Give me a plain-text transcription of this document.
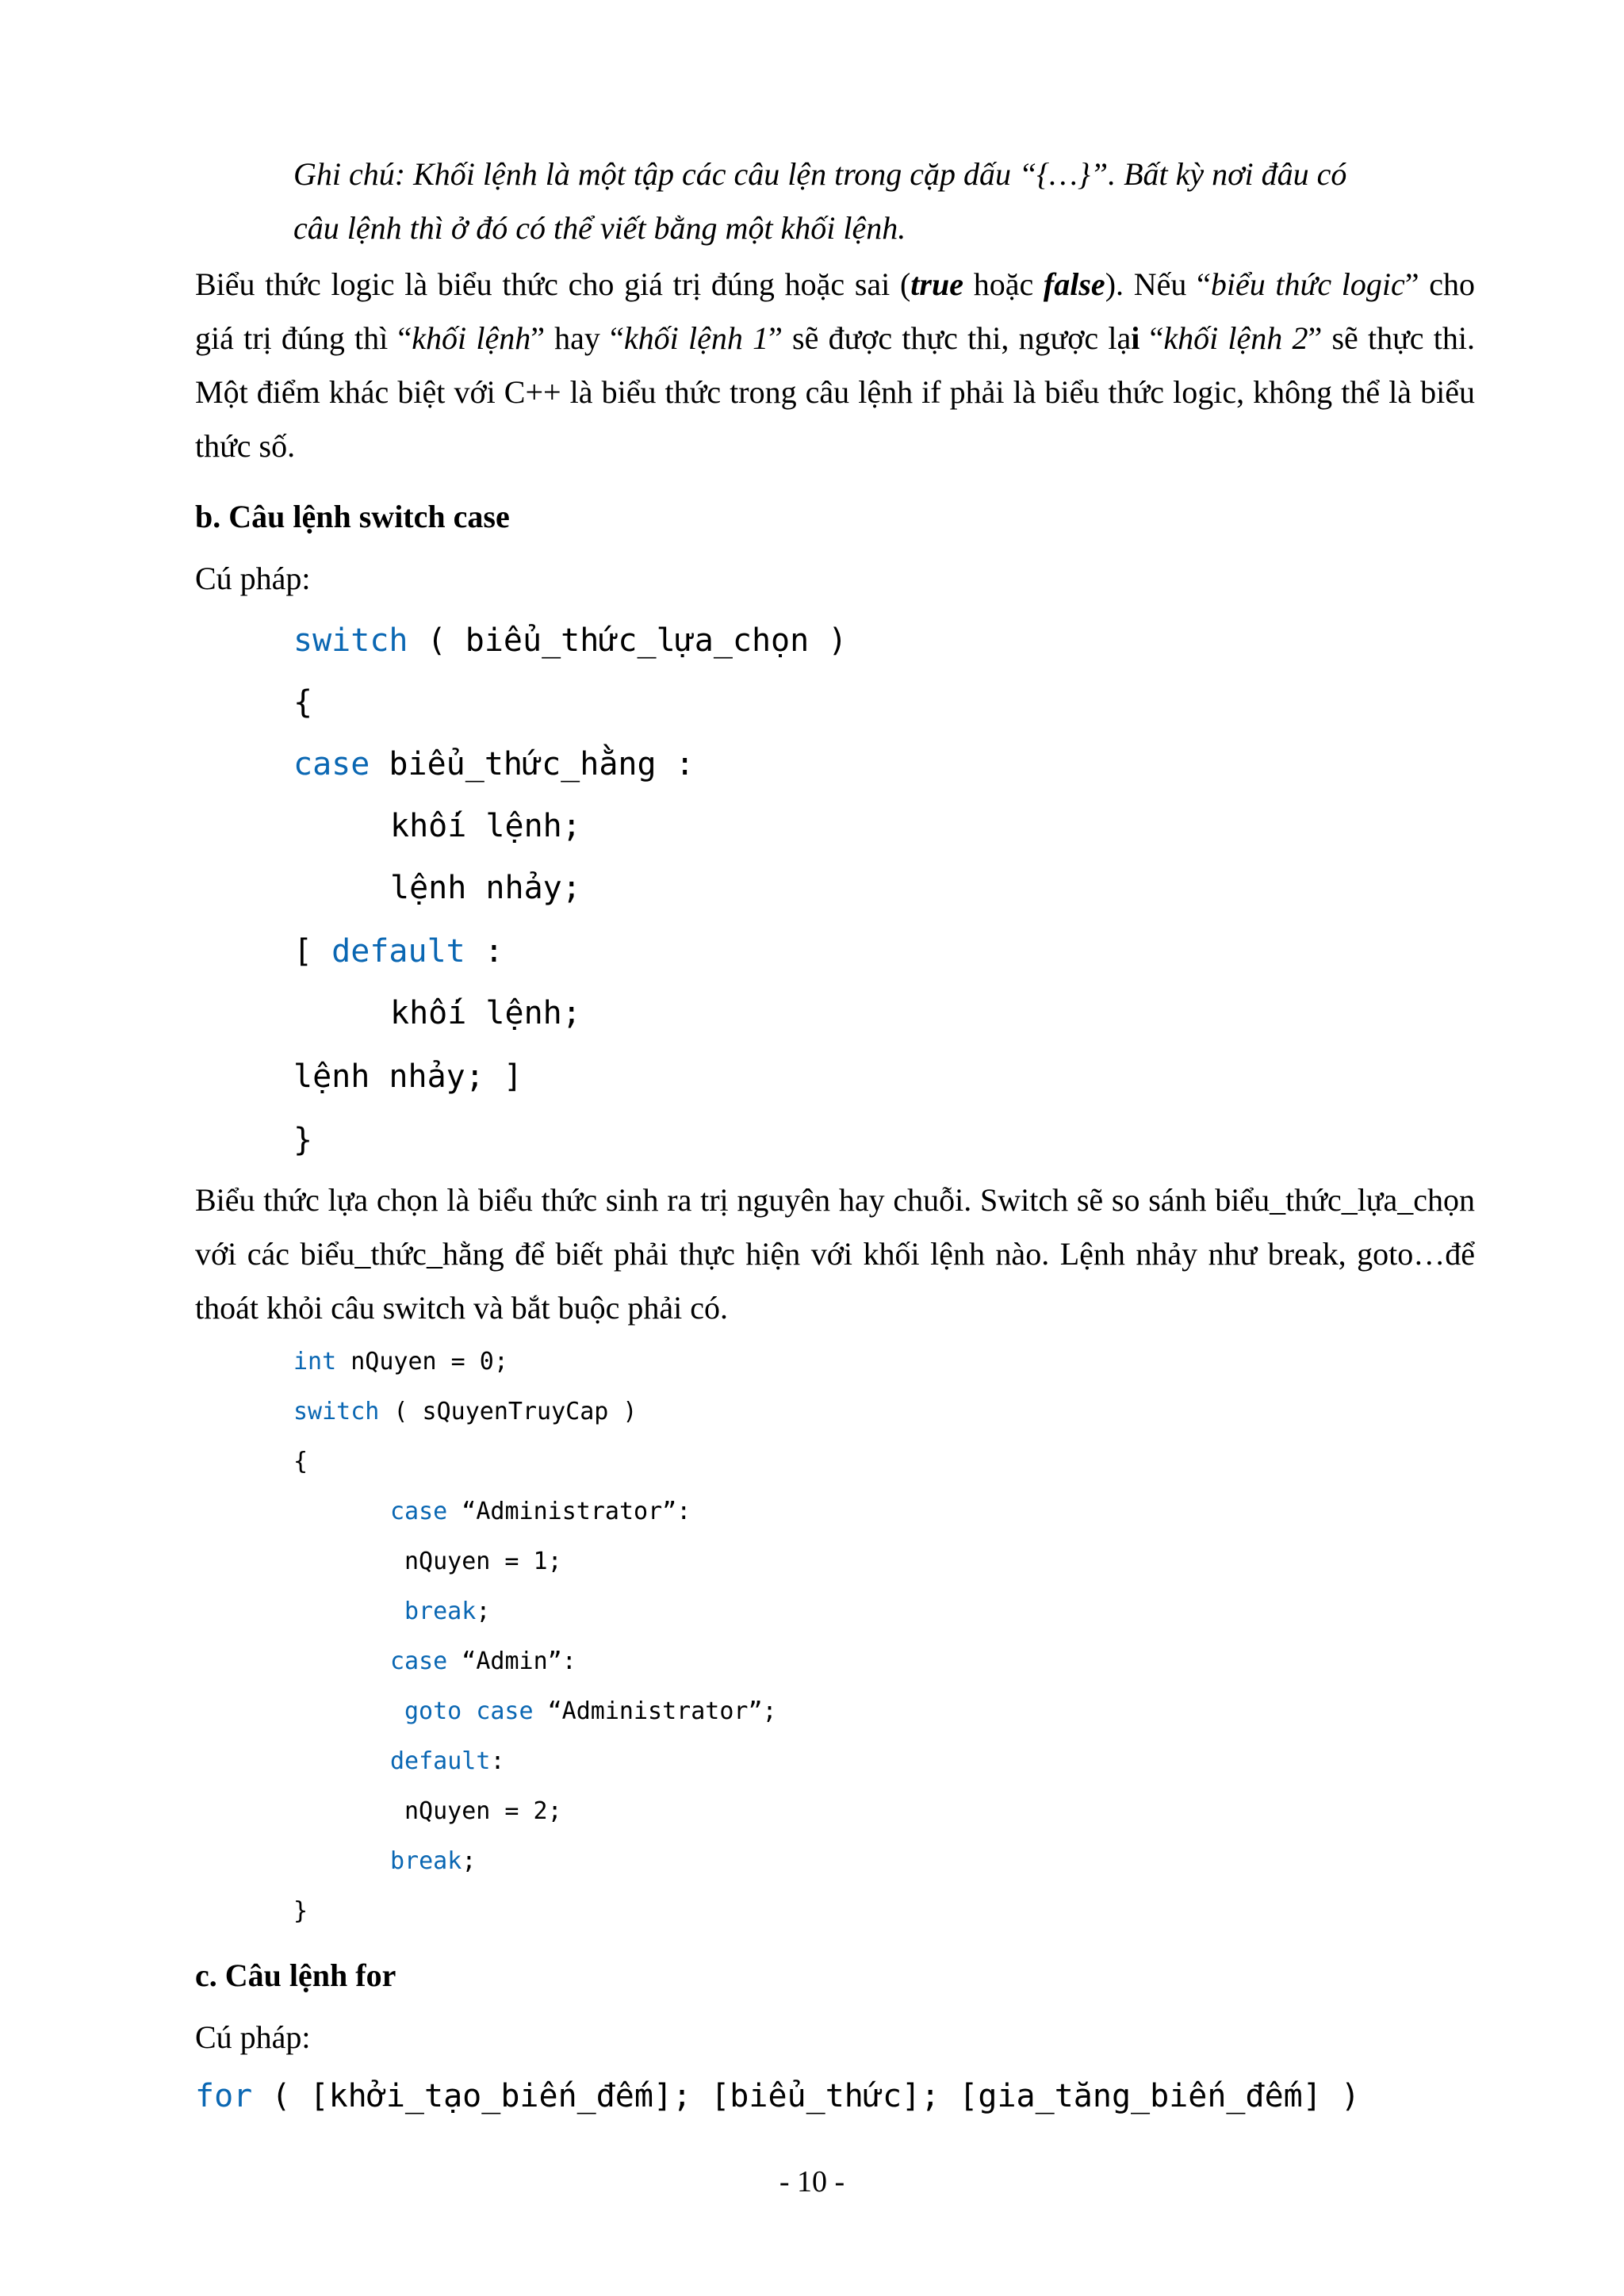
Ghi chú: Khối lệnh là một tập các câu lện trong cặp dấu “{…}”. Bất kỳ nơi đâu có
câu lệnh thì ở đó có thể viết bằng một khối lệnh.
Biểu thức logic là biểu thức cho giá trị đúng hoặc sai (true hoặc false). Nếu “biểu thức logic” cho giá trị đúng thì “khối lệnh” hay “khối lệnh 1” sẽ được thực thi, ngược lại “khối lệnh 2” sẽ thực thi. Một điểm khác biệt với C++ là biểu thức trong câu lệnh if phải là biểu thức logic, không thể là biểu thức số.
b. Câu lệnh switch case
Cú pháp:
switch ( biểu_thức_lựa_chọn )
{
case biểu_thức_hằng :
khối lệnh;
lệnh nhảy;
[ default :
khối lệnh;
lệnh nhảy; ]
}
Biểu thức lựa chọn là biểu thức sinh ra trị nguyên hay chuỗi. Switch sẽ so sánh biểu_thức_lựa_chọn với các biểu_thức_hằng để biết phải thực hiện với khối lệnh nào. Lệnh nhảy như break, goto…để thoát khỏi câu switch và bắt buộc phải có.
int nQuyen = 0;
switch ( sQuyenTruyCap )
{
case “Administrator”:
nQuyen = 1;
break;
case “Admin”:
goto case “Administrator”;
default:
nQuyen = 2;
break;
}
c. Câu lệnh for
Cú pháp:
for ( [khởi_tạo_biến_đếm]; [biểu_thức]; [gia_tăng_biến_đếm] )
- 10 -
